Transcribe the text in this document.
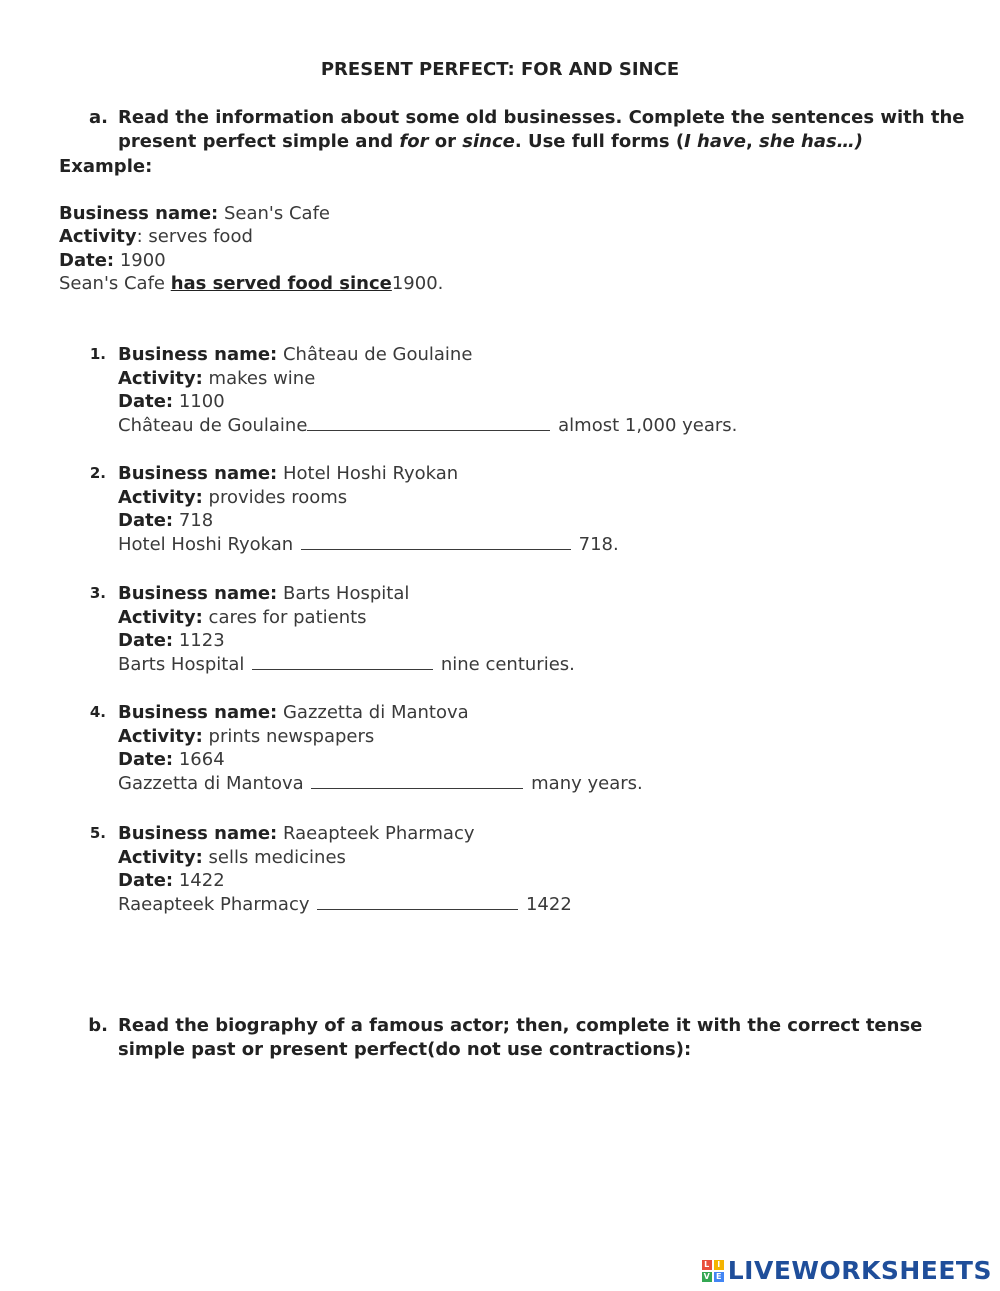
PRESENT PERFECT: FOR AND SINCE
a. Read the information about some old businesses. Complete the sentences with the
present perfect simple and for or since. Use full forms (I have, she has…)
Example:
Business name: Sean's Cafe
Activity: serves food
Date: 1900
Sean's Cafe has served food since1900.
1. Business name: Château de Goulaine
Activity: makes wine
Date: 1100
Château de Goulaine	almost 1,000 years.
2. Business name: Hotel Hoshi Ryokan
Activity: provides rooms
Date: 718
Hotel Hoshi Ryokan	718.
3. Business name: Barts Hospital
Activity: cares for patients
Date: 1123
Barts Hospital	nine centuries.
4. Business name: Gazzetta di Mantova
Activity: prints newspapers
Date: 1664
Gazzetta di Mantova	many years.
5. Business name: Raeapteek Pharmacy
Activity: sells medicines
Date: 1422
Raeapteek Pharmacy	1422
b. Read the biography of a famous actor; then, complete it with the correct tense
simple past or present perfect(do not use contractions):
L I
V E LIVEWORKSHEETS
